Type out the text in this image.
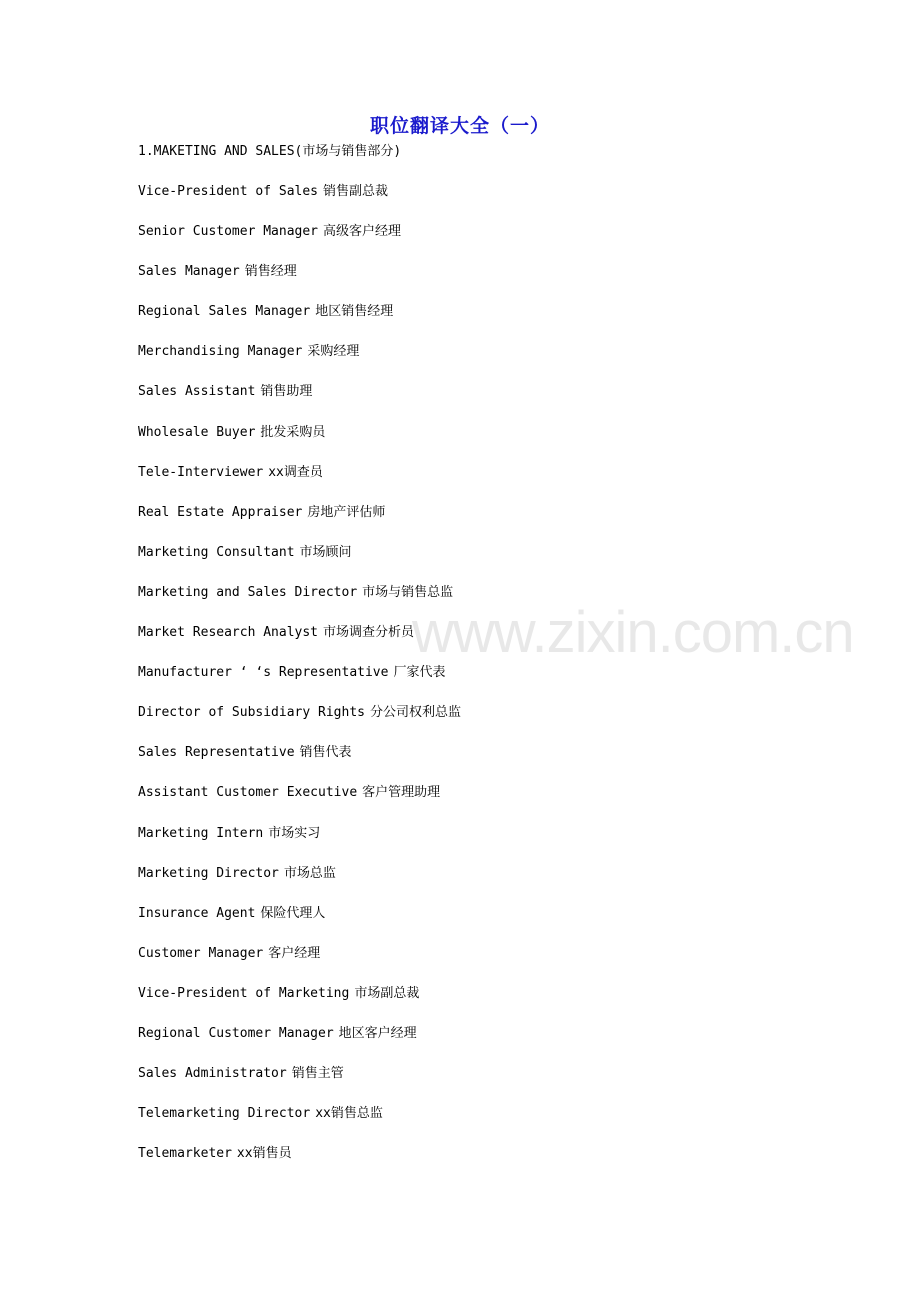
职位翻译大全（一）
1.MAKETING AND SALES(市场与销售部分)
Vice-President of Sales 销售副总裁
Senior Customer Manager 高级客户经理
Sales Manager 销售经理
Regional Sales Manager 地区销售经理
Merchandising Manager 采购经理
Sales Assistant 销售助理
Wholesale Buyer 批发采购员
Tele-Interviewer xx调查员
Real Estate Appraiser 房地产评估师
Marketing Consultant 市场顾问
Marketing and Sales Director 市场与销售总监
Market Research Analyst 市场调查分析员
Manufacturer ‘ ‘s Representative 厂家代表
Director of Subsidiary Rights 分公司权利总监
Sales Representative 销售代表
Assistant Customer Executive 客户管理助理
Marketing Intern 市场实习
Marketing Director 市场总监
Insurance Agent 保险代理人
Customer Manager 客户经理
Vice-President of Marketing 市场副总裁
Regional Customer Manager 地区客户经理
Sales Administrator 销售主管
Telemarketing Director xx销售总监
Telemarketer xx销售员
www.zixin.com.cn
